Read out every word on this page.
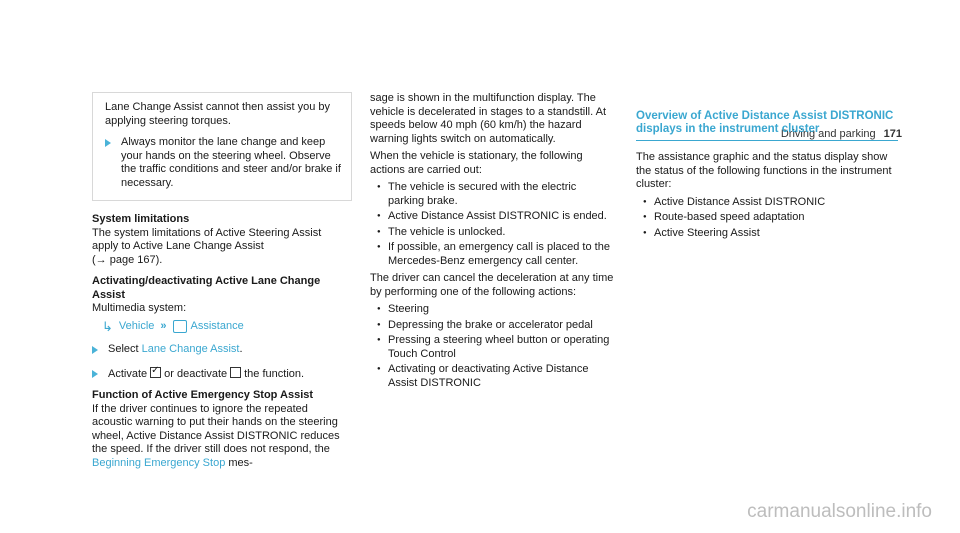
Driving and parking 171

Lane Change Assist cannot then assist you by applying steering torques.

Always monitor the lane change and keep your hands on the steering wheel. Observe the traffic conditions and steer and/or brake if necessary.
System limitations
The system limitations of Active Steering Assist apply to Active Lane Change Assist
(→ page 167).
Activating/deactivating Active Lane Change Assist
Multimedia system:
↳ Vehicle » Assistance
Select Lane Change Assist.
Activate✓ or deactivate the function.
Function of Active Emergency Stop Assist
If the driver continues to ignore the repeated acoustic warning to put their hands on the steering wheel, Active Distance Assist DISTRONIC reduces the speed. If the driver still does not respond, the Beginning Emergency Stop mes-

sage is shown in the multifunction display. The vehicle is decelerated in stages to a standstill. At speeds below 40 mph (60 km/h) the hazard warning lights switch on automatically.

When the vehicle is stationary, the following actions are carried out:

● The vehicle is secured with the electric parking brake.
● Active Distance Assist DISTRONIC is ended.
● The vehicle is unlocked.
● If possible, an emergency call is placed to the Mercedes-Benz emergency call center.

The driver can cancel the deceleration at any time by performing one of the following actions:

● Steering
● Depressing the brake or accelerator pedal
● Pressing a steering wheel button or operating Touch Control
● Activating or deactivating Active Distance Assist DISTRONIC
Overview of Active Distance Assist DISTRONIC displays in the instrument cluster

The assistance graphic and the status display show the status of the following functions in the instrument cluster:

● Active Distance Assist DISTRONIC
● Route-based speed adaptation
● Active Steering Assist
carmanualsonline.info
